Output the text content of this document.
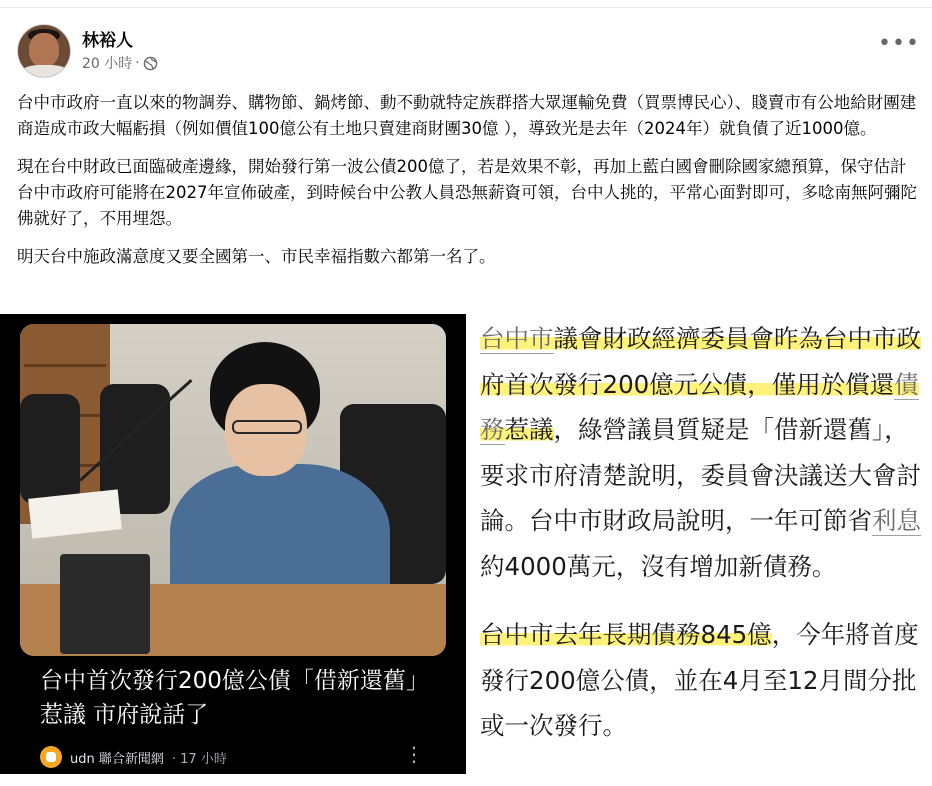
林裕人
20 小時 ·
•••

台中市政府一直以來的物調券、購物節、鍋烤節、動不動就特定族群搭大眾運輸免費（買票博民心）、賤賣市有公地給財團建商造成市政大幅虧損（例如價值100億公有土地只賣建商財團30億 ），導致光是去年（2024年）就負債了近1000億。

現在台中財政已面臨破產邊緣，開始發行第一波公債200億了，若是效果不彰，再加上藍白國會刪除國家總預算，保守估計台中市政府可能將在2027年宣佈破產，到時候台中公教人員恐無薪資可領，台中人挑的，平常心面對即可，多唸南無阿彌陀佛就好了，不用埋怨。

明天台中施政滿意度又要全國第一、市民幸福指數六都第一名了。

台中首次發行200億公債「借新還舊」惹議 市府說話了
udn 聯合新聞網 · 17 小時	⋮

台中市議會財政經濟委員會昨為台中市政府首次發行200億元公債，僅用於償還債務惹議，綠營議員質疑是「借新還舊」，要求市府清楚說明，委員會決議送大會討論。台中市財政局說明，一年可節省利息約4000萬元，沒有增加新債務。

台中市去年長期債務845億，今年將首度發行200億公債，並在4月至12月間分批或一次發行。
